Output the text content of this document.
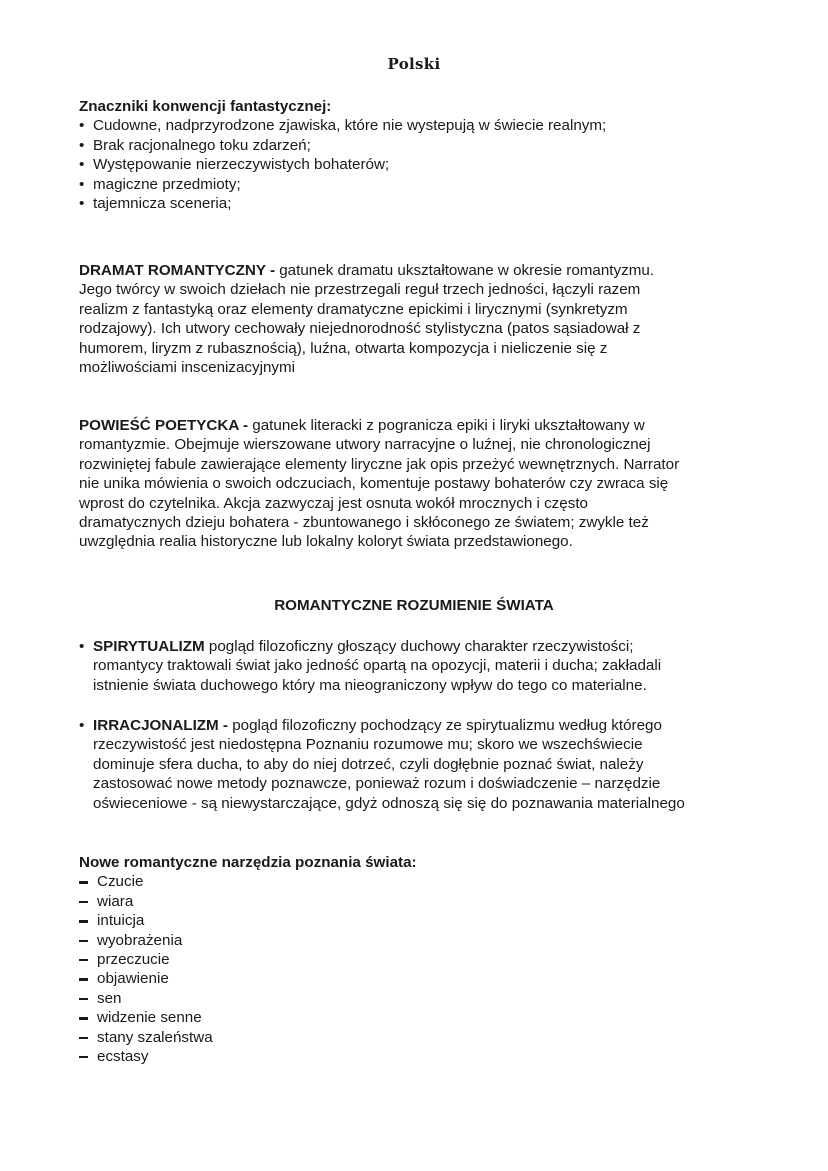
Polski
Znaczniki konwencji fantastycznej:
• Cudowne, nadprzyrodzone zjawiska, które nie wystepują w świecie realnym;
• Brak racjonalnego toku zdarzeń;
• Występowanie nierzeczywistych bohaterów;
• magiczne przedmioty;
• tajemnicza sceneria;

DRAMAT ROMANTYCZNY - gatunek dramatu ukształtowane w okresie romantyzmu.
Jego twórcy w swoich dziełach nie przestrzegali reguł trzech jedności, łączyli razem
realizm z fantastyką oraz elementy dramatyczne epickimi i lirycznymi (synkretyzm
rodzajowy). Ich utwory cechowały niejednorodność stylistyczna (patos sąsiadował z
humorem, liryzm z rubasznością), luźna, otwarta kompozycja i nieliczenie się z
możliwościami inscenizacyjnymi

POWIEŚĆ POETYCKA - gatunek literacki z pogranicza epiki i liryki ukształtowany w
romantyzmie. Obejmuje wierszowane utwory narracyjne o luźnej, nie chronologicznej
rozwiniętej fabule zawierające elementy liryczne jak opis przeżyć wewnętrznych. Narrator
nie unika mówienia o swoich odczuciach, komentuje postawy bohaterów czy zwraca się
wprost do czytelnika. Akcja zazwyczaj jest osnuta wokół mrocznych i często
dramatycznych dzieju bohatera - zbuntowanego i skłóconego ze światem; zwykle też
uwzględnia realia historyczne lub lokalny koloryt świata przedstawionego.

ROMANTYCZNE ROZUMIENIE ŚWIATA

• SPIRYTUALIZM pogląd filozoficzny głoszący duchowy charakter rzeczywistości;
romantycy traktowali świat jako jedność opartą na opozycji, materii i ducha; zakładali
istnienie świata duchowego który ma nieograniczony wpływ do tego co materialne.

• IRRACJONALIZM - pogląd filozoficzny pochodzący ze spirytualizmu według którego
rzeczywistość jest niedostępna Poznaniu rozumowe mu; skoro we wszechświecie
dominuje sfera ducha, to aby do niej dotrzeć, czyli dogłębnie poznać świat, należy
zastosować nowe metody poznawcze, ponieważ rozum i doświadczenie – narzędzie
oświeceniowe - są niewystarczające, gdyż odnoszą się się do poznawania materialnego

Nowe romantyczne narzędzia poznania świata:
Czucie
wiara
intuicja
wyobrażenia
przeczucie
objawienie
sen
widzenie senne
stany szaleństwa
ecstasy
